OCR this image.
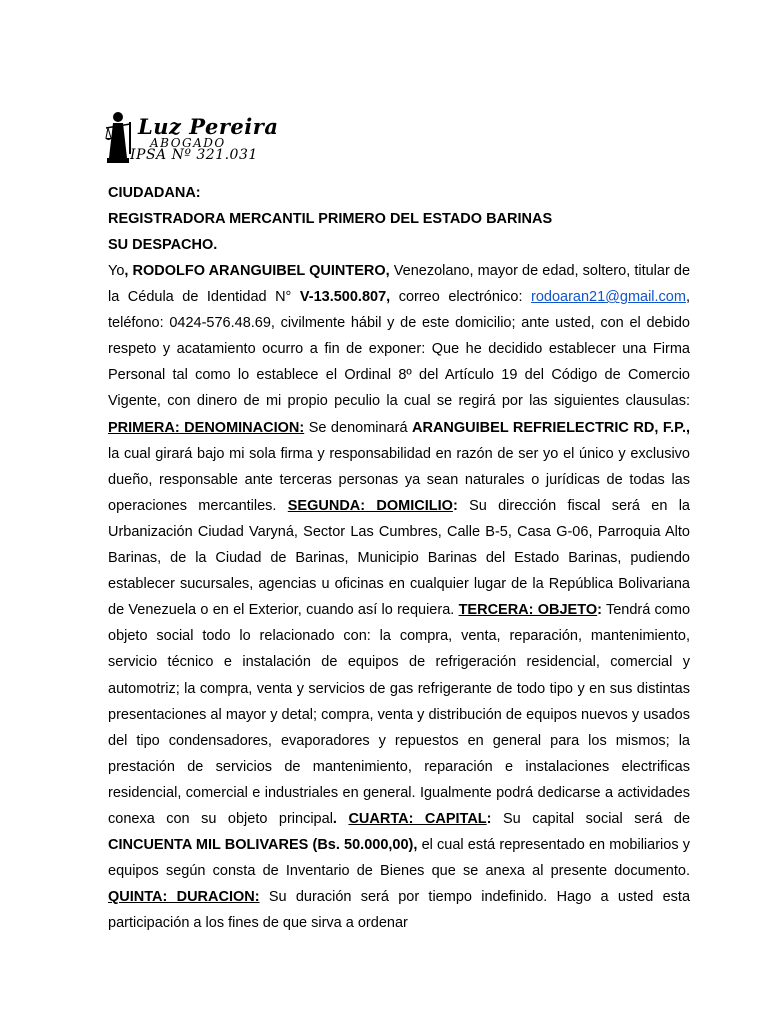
Luz Pereira
ABOGADO
IPSA Nº 321.031
CIUDADANA:
REGISTRADORA MERCANTIL PRIMERO DEL ESTADO BARINAS
SU DESPACHO.

Yo, RODOLFO ARANGUIBEL QUINTERO, Venezolano, mayor de edad, soltero, titular de la Cédula de Identidad N° V-13.500.807, correo electrónico: rodoaran21@gmail.com, teléfono: 0424-576.48.69, civilmente hábil y de este domicilio; ante usted, con el debido respeto y acatamiento ocurro a fin de exponer: Que he decidido establecer una Firma Personal tal como lo establece el Ordinal 8º del Artículo 19 del Código de Comercio Vigente, con dinero de mi propio peculio la cual se regirá por las siguientes clausulas: PRIMERA: DENOMINACION: Se denominará ARANGUIBEL REFRIELECTRIC RD, F.P., la cual girará bajo mi sola firma y responsabilidad en razón de ser yo el único y exclusivo dueño, responsable ante terceras personas ya sean naturales o jurídicas de todas las operaciones mercantiles. SEGUNDA: DOMICILIO: Su dirección fiscal será en la Urbanización Ciudad Varyná, Sector Las Cumbres, Calle B-5, Casa G-06, Parroquia Alto Barinas, de la Ciudad de Barinas, Municipio Barinas del Estado Barinas, pudiendo establecer sucursales, agencias u oficinas en cualquier lugar de la República Bolivariana de Venezuela o en el Exterior, cuando así lo requiera. TERCERA: OBJETO: Tendrá como objeto social todo lo relacionado con: la compra, venta, reparación, mantenimiento, servicio técnico e instalación de equipos de refrigeración residencial, comercial y automotriz; la compra, venta y servicios de gas refrigerante de todo tipo y en sus distintas presentaciones al mayor y detal; compra, venta y distribución de equipos nuevos y usados del tipo condensadores, evaporadores y repuestos en general para los mismos; la prestación de servicios de mantenimiento, reparación e instalaciones electrificas residencial, comercial e industriales en general. Igualmente podrá dedicarse a actividades conexa con su objeto principal. CUARTA: CAPITAL: Su capital social será de CINCUENTA MIL BOLIVARES (Bs. 50.000,00), el cual está representado en mobiliarios y equipos según consta de Inventario de Bienes que se anexa al presente documento. QUINTA: DURACION: Su duración será por tiempo indefinido. Hago a usted esta participación a los fines de que sirva a ordenar
